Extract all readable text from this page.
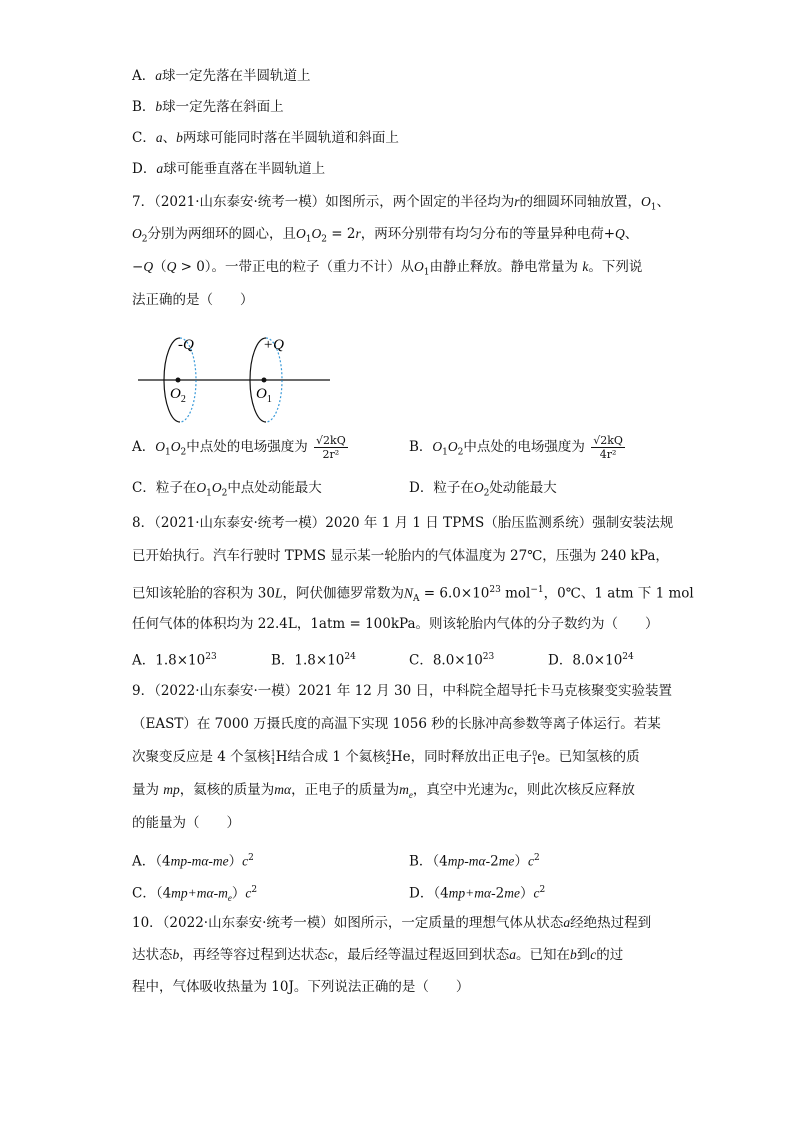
A．a球一定先落在半圆轨道上
B．b球一定先落在斜面上
C．a、b两球可能同时落在半圆轨道和斜面上
D．a球可能垂直落在半圆轨道上
7．（2021·山东泰安·统考一模）如图所示，两个固定的半径均为r的细圆环同轴放置，$O_1$、
$O_2$分别为两细环的圆心，且$O_1O_2 = 2r$，两环分别带有均匀分布的等量异种电荷+Q、
−Q（Q > 0）。一带正电的粒子（重力不计）从$O_1$由静止释放。静电常量为 k。下列说
法正确的是（　　）
-Q	+Q
$O_2$	$O_1$
A．$O_1O_2$中点处的电场强度为 $\frac{√2kQ}{\text{2r²}}$	B．$O_1O_2$中点处的电场强度为 $\frac{√2kQ}{\text{4r²}}$
C．粒子在$O_1O_2$中点处动能最大	D．粒子在$O_2$处动能最大
8．（2021·山东泰安·统考一模）2020 年 1 月 1 日 TPMS（胎压监测系统）强制安装法规
已开始执行。汽车行驶时 TPMS 显示某一轮胎内的气体温度为 27℃，压强为 240 kPa，
已知该轮胎的容积为 30L，阿伏伽德罗常数为$N_A = 6.0\times 10^{23}$ mol$^{-1}$，0℃、1 atm 下 1 mol
任何气体的体积均为 22.4L，1atm = 100kPa。则该轮胎内气体的分子数约为（　　）
A．$1.8\times 10^{23}$	B．$1.8\times 10^{24}$	C．$8.0\times 10^{23}$	D．$8.0\times 10^{24}$
9．（2022·山东泰安·一模）2021 年 12 月 30 日，中科院全超导托卡马克核聚变实验装置
（EAST）在 7000 万摄氏度的高温下实现 1056 秒的长脉冲高参数等离子体运行。若某
次聚变反应是 4 个氢核1
1H结合成 1 个氦核4
2He，同时释放出正电子0
1e。已知氢核的质
量为 mp，氦核的质量为mα，正电子的质量为$m_e$，真空中光速为c，则此次核反应释放
的能量为（　　）
A．$(4mp-m\alpha-me)c^2$	B．$(4mp-m\alpha-2me)c^2$
C．$(4mp+m\alpha-m_e)c^2$	D．$(4mp+m\alpha-2me)c^2$
10．（2022·山东泰安·统考一模）如图所示，一定质量的理想气体从状态a经绝热过程到
达状态b，再经等容过程到达状态c，最后经等温过程返回到状态a。已知在b到c的过
程中，气体吸收热量为 10J。下列说法正确的是（　　）
